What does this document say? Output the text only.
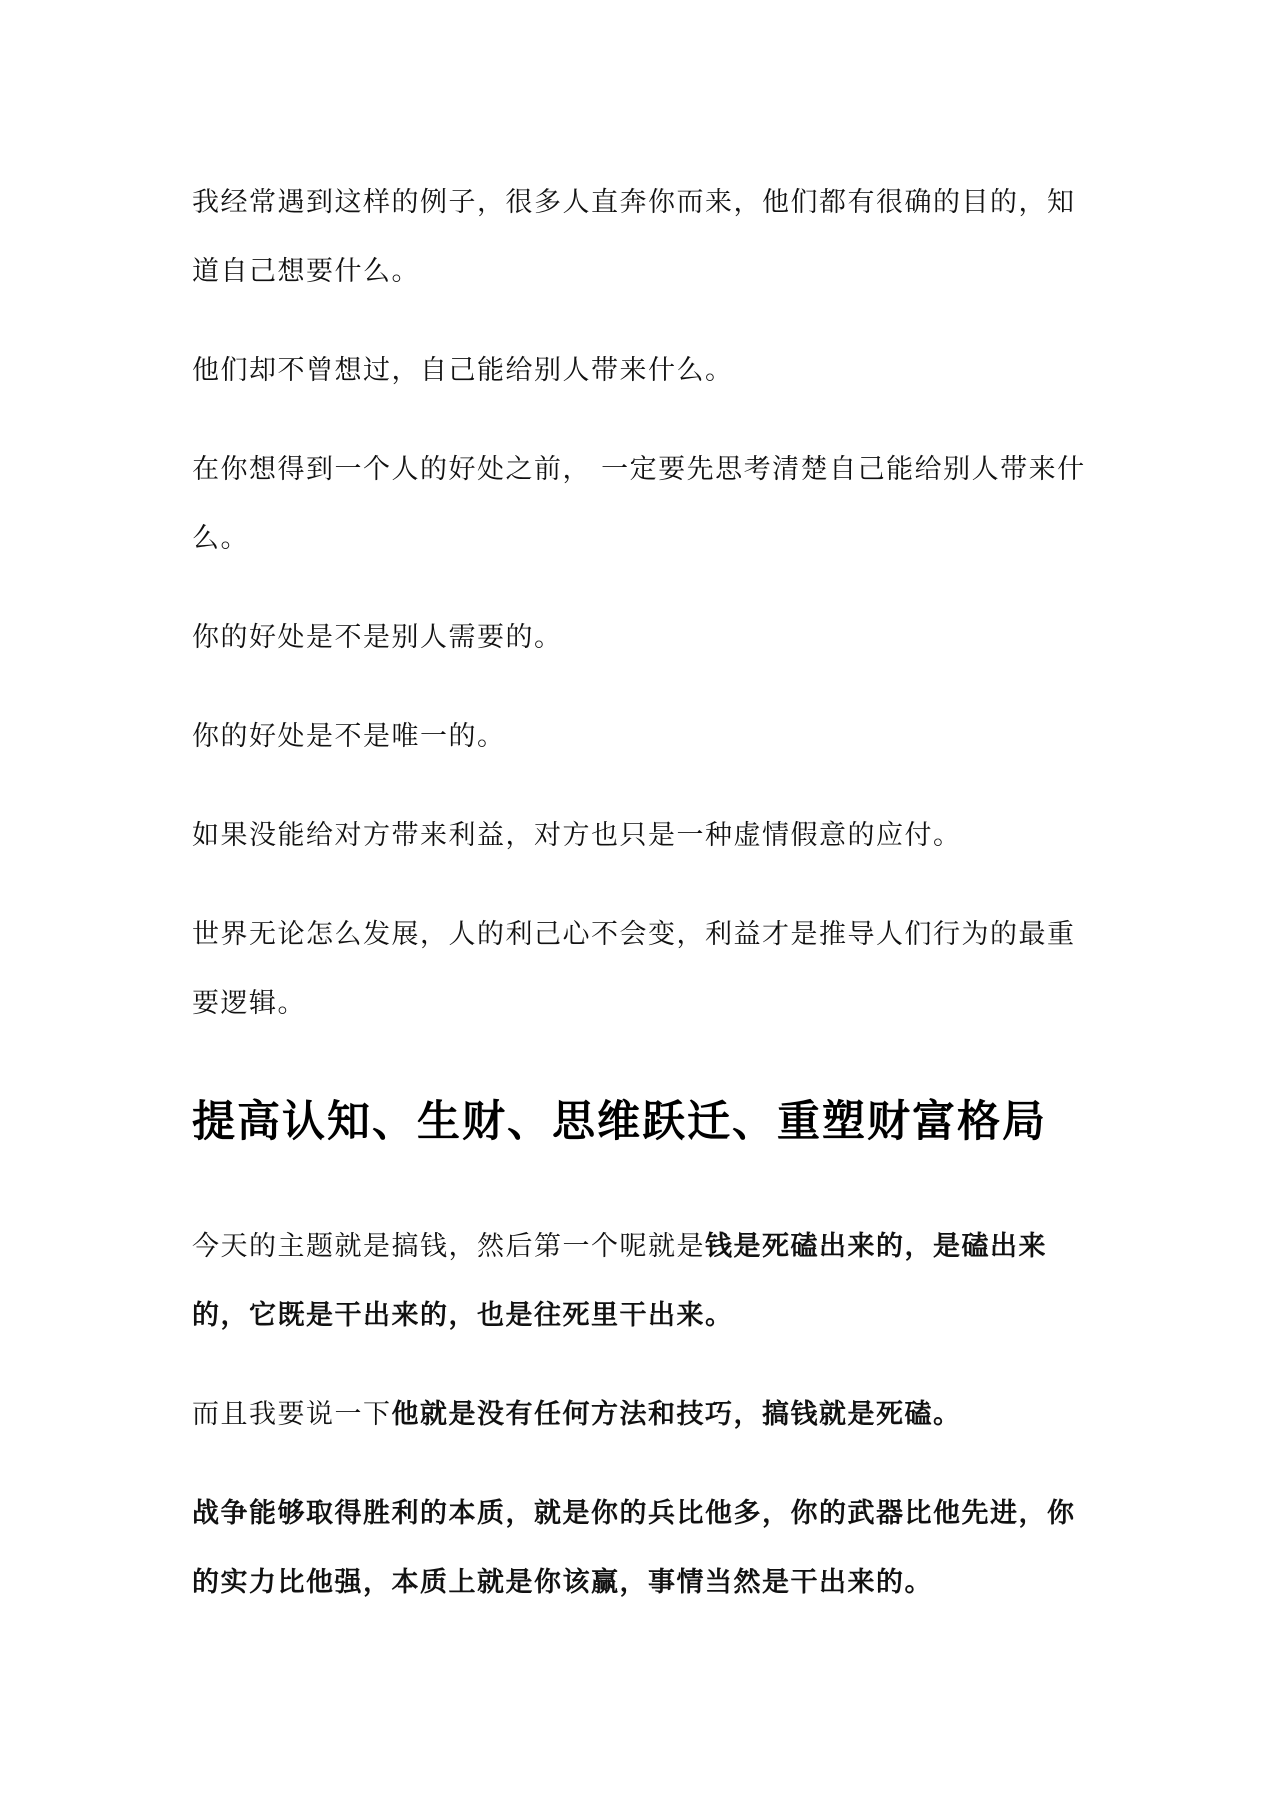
我经常遇到这样的例子，很多人直奔你而来，他们都有很确的目的，知道自己想要什么。

他们却不曾想过，自己能给别人带来什么。

在你想得到一个人的好处之前， 一定要先思考清楚自己能给别人带来什么。

你的好处是不是别人需要的。

你的好处是不是唯一的。

如果没能给对方带来利益，对方也只是一种虚情假意的应付。

世界无论怎么发展，人的利己心不会变，利益才是推导人们行为的最重要逻辑。

提高认知、生财、思维跃迁、重塑财富格局

今天的主题就是搞钱，然后第一个呢就是钱是死磕出来的，是磕出来的，它既是干出来的，也是往死里干出来。

而且我要说一下他就是没有任何方法和技巧，搞钱就是死磕。

战争能够取得胜利的本质，就是你的兵比他多，你的武器比他先进，你的实力比他强，本质上就是你该赢，事情当然是干出来的。
